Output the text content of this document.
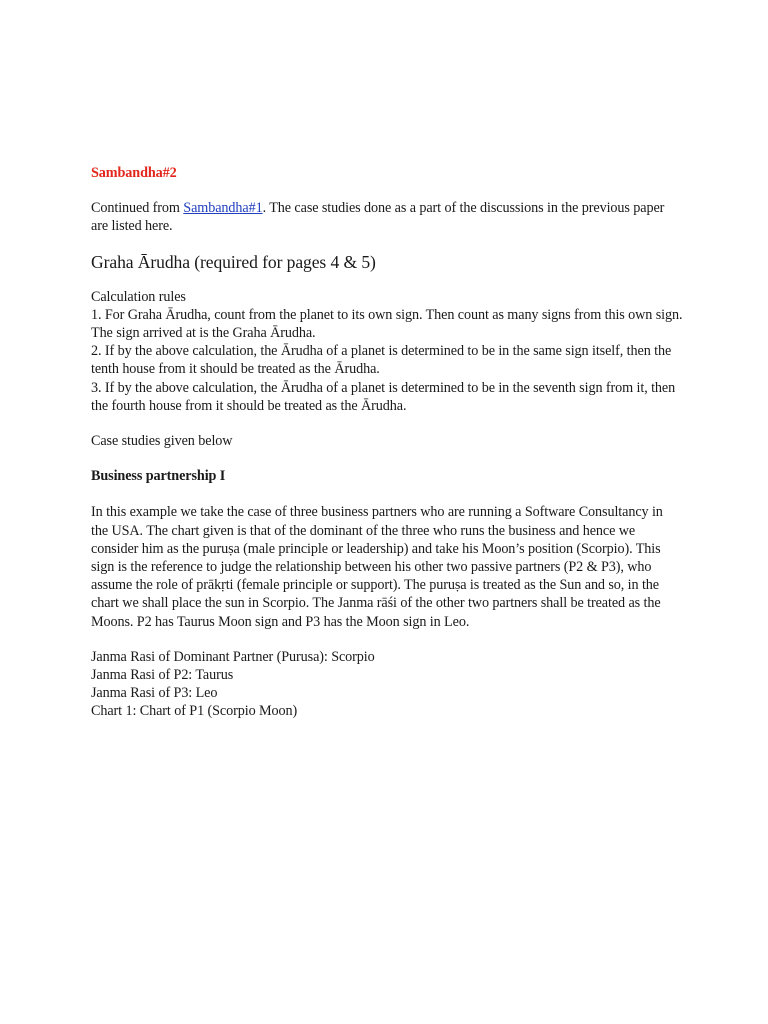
Sambandha#2
Continued from Sambandha#1. The case studies done as a part of the discussions in the previous paper are listed here.
Graha Ārudha (required for pages 4 & 5)
Calculation rules
1. For Graha Ārudha, count from the planet to its own sign. Then count as many signs from this own sign. The sign arrived at is the Graha Ārudha.
2. If by the above calculation, the Ārudha of a planet is determined to be in the same sign itself, then the tenth house from it should be treated as the Ārudha.
3. If by the above calculation, the Ārudha of a planet is determined to be in the seventh sign from it, then the fourth house from it should be treated as the Ārudha.
Case studies given below
Business partnership I
In this example we take the case of three business partners who are running a Software Consultancy in the USA. The chart given is that of the dominant of the three who runs the business and hence we consider him as the puruṣa (male principle or leadership) and take his Moon’s position (Scorpio). This sign is the reference to judge the relationship between his other two passive partners (P2 & P3), who assume the role of prākṛti (female principle or support). The puruṣa is treated as the Sun and so, in the chart we shall place the sun in Scorpio. The Janma rāśi of the other two partners shall be treated as the Moons. P2 has Taurus Moon sign and P3 has the Moon sign in Leo.
Janma Rasi of Dominant Partner (Purusa): Scorpio
Janma Rasi of P2: Taurus
Janma Rasi of P3: Leo
Chart 1: Chart of P1 (Scorpio Moon)
